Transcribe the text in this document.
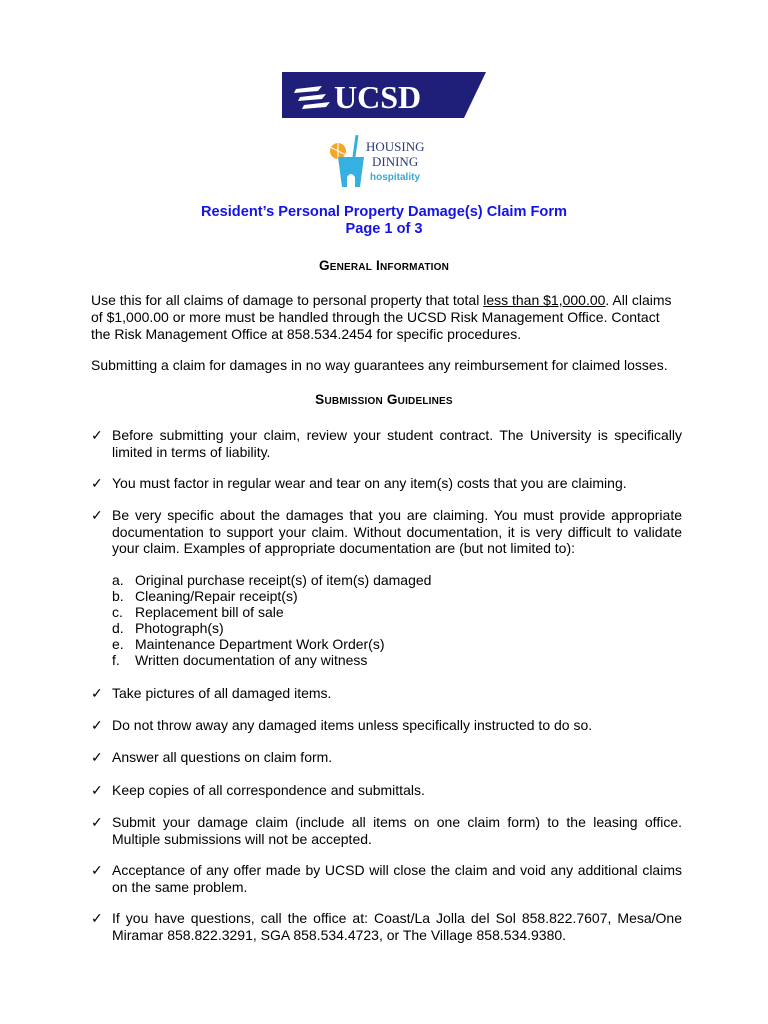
UCSD
HOUSING
DINING
hospitality
Resident’s Personal Property Damage(s) Claim Form
Page 1 of 3
General Information
Use this for all claims of damage to personal property that total less than $1,000.00. All claims of $1,000.00 or more must be handled through the UCSD Risk Management Office. Contact the Risk Management Office at 858.534.2454 for specific procedures.
Submitting a claim for damages in no way guarantees any reimbursement for claimed losses.
Submission Guidelines
✓ Before submitting your claim, review your student contract. The University is specifically limited in terms of liability.
✓ You must factor in regular wear and tear on any item(s) costs that you are claiming.
✓ Be very specific about the damages that you are claiming. You must provide appropriate documentation to support your claim. Without documentation, it is very difficult to validate your claim. Examples of appropriate documentation are (but not limited to):
a. Original purchase receipt(s) of item(s) damaged
b. Cleaning/Repair receipt(s)
c. Replacement bill of sale
d. Photograph(s)
e. Maintenance Department Work Order(s)
f. Written documentation of any witness
✓ Take pictures of all damaged items.
✓ Do not throw away any damaged items unless specifically instructed to do so.
✓ Answer all questions on claim form.
✓ Keep copies of all correspondence and submittals.
✓ Submit your damage claim (include all items on one claim form) to the leasing office. Multiple submissions will not be accepted.
✓ Acceptance of any offer made by UCSD will close the claim and void any additional claims on the same problem.
✓ If you have questions, call the office at: Coast/La Jolla del Sol 858.822.7607, Mesa/One Miramar 858.822.3291, SGA 858.534.4723, or The Village 858.534.9380.
